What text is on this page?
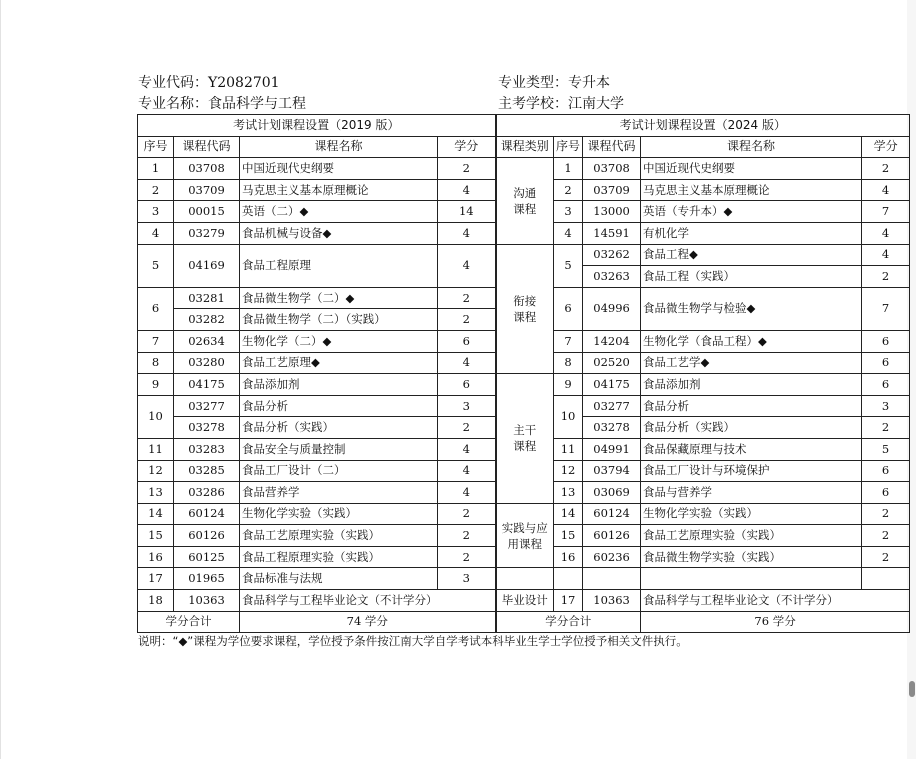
专业代码：Y2082701	专业类型：专升本
专业名称：食品科学与工程	主考学校：江南大学
考试计划课程设置（2019 版）				考试计划课程设置（2024 版）				
序号	课程代码	课程名称	学分	课程类别	序号	课程代码	课程名称	学分
1	03708	中国近现代史纲要	2	沟通课程	1	03708	中国近现代史纲要	2
2	03709	马克思主义基本原理概论	4		2	03709	马克思主义基本原理概论	4
3	00015	英语（二）◆	14		3	13000	英语（专升本）◆	7
4	03279	食品机械与设备◆	4		4	14591	有机化学	4
5	04169	食品工程原理	4	衔接课程	5	03262	食品工程◆	4
						03263	食品工程（实践）	2
6	03281	食品微生物学（二）◆	2		6	04996	食品微生物学与检验◆	7
	03282	食品微生物学（二）（实践）	2					
7	02634	生物化学（二）◆	6		7	14204	生物化学（食品工程）◆	6
8	03280	食品工艺原理◆	4		8	02520	食品工艺学◆	6
9	04175	食品添加剂	6	主干课程	9	04175	食品添加剂	6
10	03277	食品分析	3		10	03277	食品分析	3
	03278	食品分析（实践）	2			03278	食品分析（实践）	2
11	03283	食品安全与质量控制	4		11	04991	食品保藏原理与技术	5
12	03285	食品工厂设计（二）	4		12	03794	食品工厂设计与环境保护	6
13	03286	食品营养学	4		13	03069	食品与营养学	6
14	60124	生物化学实验（实践）	2	实践与应用课程	14	60124	生物化学实验（实践）	2
15	60126	食品工艺原理实验（实践）	2		15	60126	食品工艺原理实验（实践）	2
16	60125	食品工程原理实验（实践）	2		16	60236	食品微生物学实验（实践）	2
17	01965	食品标准与法规	3					
18	10363	食品科学与工程毕业论文（不计学分）		毕业设计	17	10363	食品科学与工程毕业论文（不计学分）	
学分合计		74 学分		学分合计			76 学分	
说明：“◆”课程为学位要求课程，学位授予条件按江南大学自学考试本科毕业生学士学位授予相关文件执行。
